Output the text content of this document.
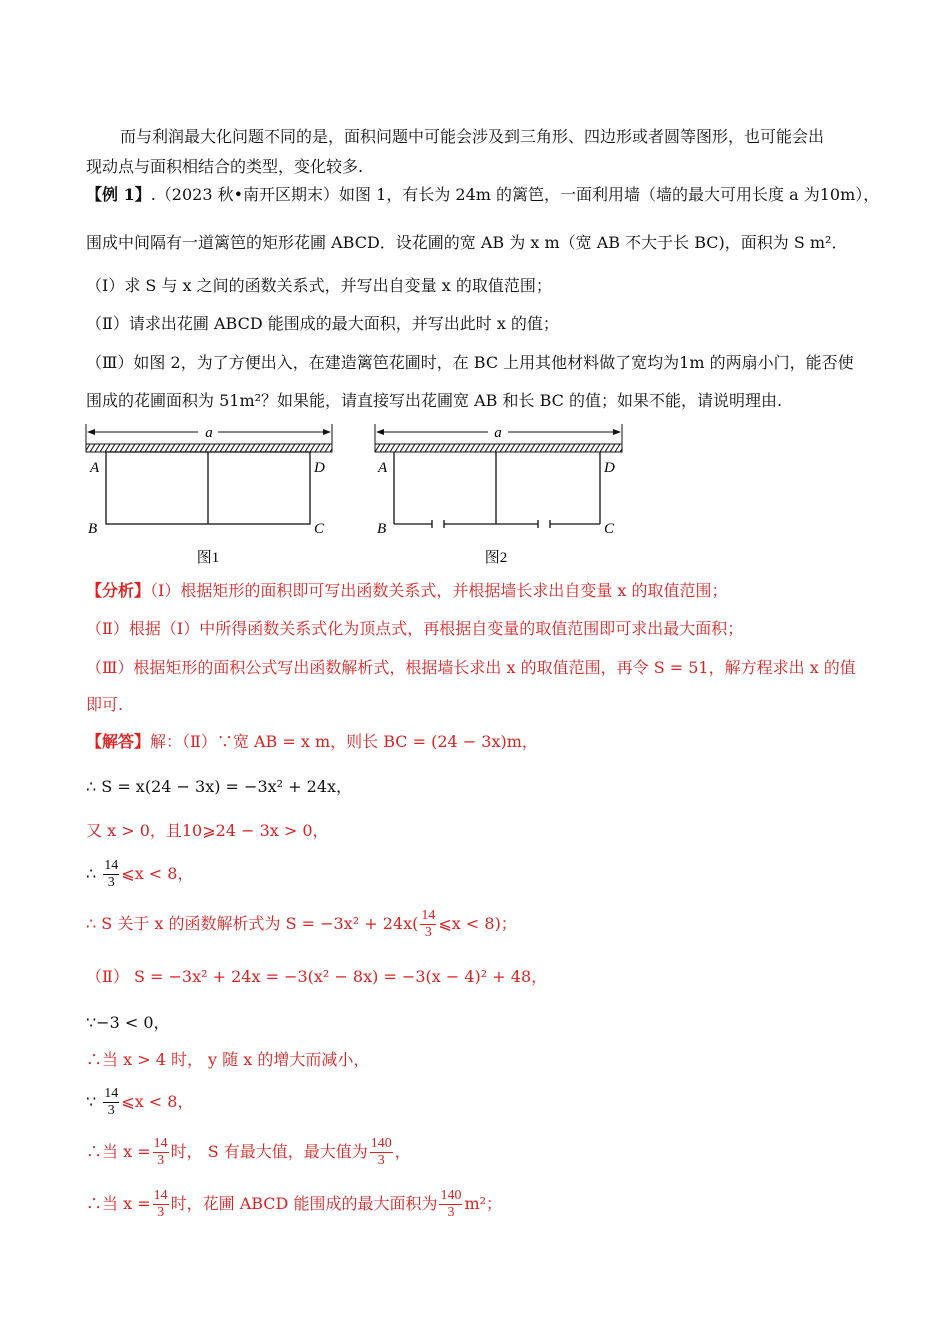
而与利润最大化问题不同的是，面积问题中可能会涉及到三角形、四边形或者圆等图形，也可能会出
现动点与面积相结合的类型，变化较多.
【例 1】.（2023 秋•南开区期末）如图 1，有长为 24m 的篱笆，一面利用墙（墙的最大可用长度 a 为10m），
围成中间隔有一道篱笆的矩形花圃 ABCD．设花圃的宽 AB 为 x m（宽 AB 不大于长 BC)，面积为 S m²．
（Ⅰ）求 S 与 x 之间的函数关系式，并写出自变量 x 的取值范围；
（Ⅱ）请求出花圃 ABCD 能围成的最大面积，并写出此时 x 的值；
（Ⅲ）如图 2，为了方便出入，在建造篱笆花圃时，在 BC 上用其他材料做了宽均为1m 的两扇小门，能否使
围成的花圃面积为 51m²？如果能，请直接写出花圃宽 AB 和长 BC 的值；如果不能，请说明理由.
a
A	D
B	C
图1
a
A	D
B	C
图2
【分析】（Ⅰ）根据矩形的面积即可写出函数关系式，并根据墙长求出自变量 x 的取值范围；
（Ⅱ）根据（Ⅰ）中所得函数关系式化为顶点式，再根据自变量的取值范围即可求出最大面积；
（Ⅲ）根据矩形的面积公式写出函数解析式，根据墙长求出 x 的取值范围，再令 S = 51，解方程求出 x 的值
即可.
【解答】解：（Ⅱ）∵宽 AB = x m，则长 BC = (24 − 3x)m，
∴ S = x(24 − 3x) = −3x² + 24x，
又 x > 0，且10⩾24 − 3x > 0，
∴ $\frac{14}{3}$ ⩽x < 8，
∴ S 关于 x 的函数解析式为 $S = -3x^2 + 24x( \frac{14}{3}$ ⩽x < 8)；
（Ⅱ） S = −3x² + 24x = −3(x² − 8x) = −3(x − 4)² + 48，
∵−3 < 0，
∴当 x > 4 时， y 随 x 的增大而减小，
∵ $\frac{14}{3}$ ⩽x < 8，
∴当 $x = \frac{14}{3}$ 时， S 有最大值，最大值为 $\frac{140}{3}$ ，
∴当 $x = \frac{14}{3}$ 时，花圃 ABCD 能围成的最大面积为 $\frac{140}{3} m^2$；
